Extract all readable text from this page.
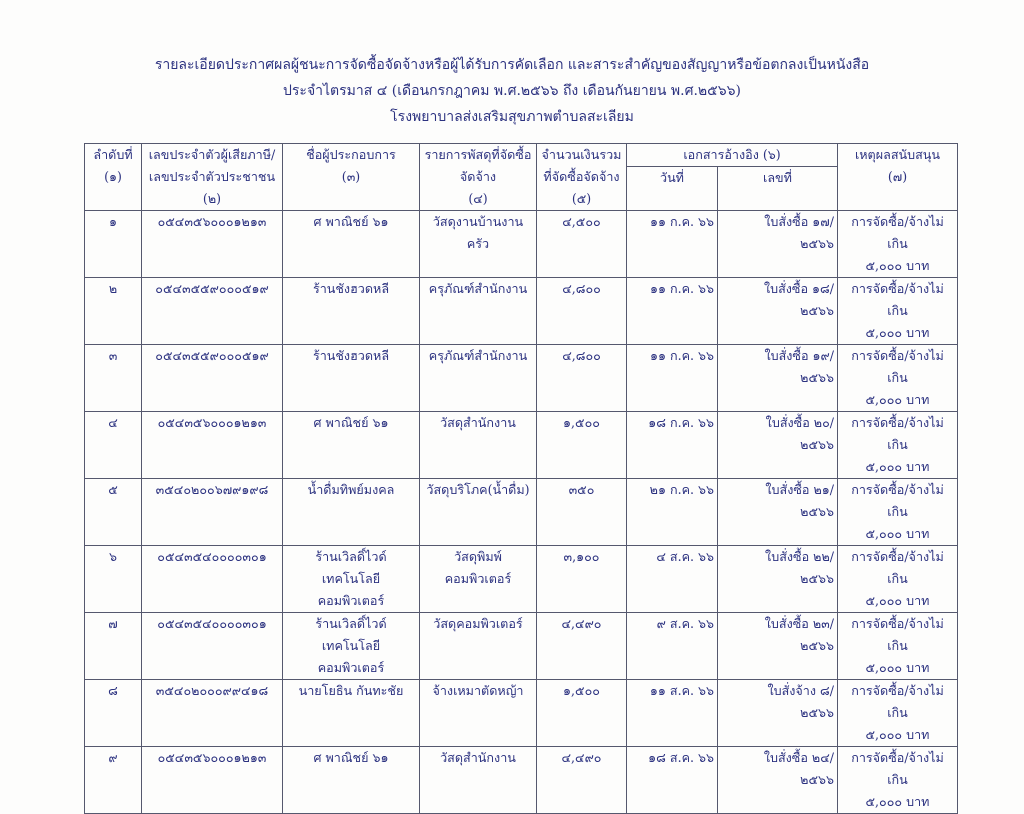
รายละเอียดประกาศผลผู้ชนะการจัดซื้อจัดจ้างหรือผู้ได้รับการคัดเลือก และสาระสำคัญของสัญญาหรือข้อตกลงเป็นหนังสือ
ประจำไตรมาส ๔ (เดือนกรกฎาคม พ.ศ.๒๕๖๖ ถึง เดือนกันยายน พ.ศ.๒๕๖๖)
โรงพยาบาลส่งเสริมสุขภาพตำบลสะเลียม
ลำดับที่
(๑)	เลขประจำตัวผู้เสียภาษี/
เลขประจำตัวประชาชน
(๒)	ชื่อผู้ประกอบการ
(๓)	รายการพัสดุที่จัดซื้อ
จัดจ้าง
(๔)	จำนวนเงินรวม
ที่จัดซื้อจัดจ้าง
(๕)	เอกสารอ้างอิง (๖)		เหตุผลสนับสนุน
(๗)

					วันที่	เลขที่	

๑	๐๕๔๓๕๖๐๐๐๑๒๑๓	ศ พาณิชย์ ๖๑	วัสดุงานบ้านงาน
ครัว	๔,๕๐๐	๑๑ ก.ค. ๖๖	ใบสั่งซื้อ ๑๗/
๒๕๖๖	การจัดซื้อ/จ้างไม่เกิน
๕,๐๐๐ บาท

๒	๐๕๔๓๕๕๙๐๐๐๕๑๙	ร้านชังฮวดหลี	ครุภัณฑ์สำนักงาน	๔,๘๐๐	๑๑ ก.ค. ๖๖	ใบสั่งซื้อ ๑๘/
๒๕๖๖	การจัดซื้อ/จ้างไม่เกิน
๕,๐๐๐ บาท

๓	๐๕๔๓๕๕๙๐๐๐๕๑๙	ร้านชังฮวดหลี	ครุภัณฑ์สำนักงาน	๔,๘๐๐	๑๑ ก.ค. ๖๖	ใบสั่งซื้อ ๑๙/
๒๕๖๖	การจัดซื้อ/จ้างไม่เกิน
๕,๐๐๐ บาท

๔	๐๕๔๓๕๖๐๐๐๑๒๑๓	ศ พาณิชย์ ๖๑	วัสดุสำนักงาน	๑,๕๐๐	๑๘ ก.ค. ๖๖	ใบสั่งซื้อ ๒๐/
๒๕๖๖	การจัดซื้อ/จ้างไม่เกิน
๕,๐๐๐ บาท

๕	๓๕๔๐๒๐๐๖๗๙๑๙๘	น้ำดื่มทิพย์มงคล	วัสดุบริโภค(น้ำดื่ม)	๓๕๐	๒๑ ก.ค. ๖๖	ใบสั่งซื้อ ๒๑/
๒๕๖๖	การจัดซื้อ/จ้างไม่เกิน
๕,๐๐๐ บาท

๖	๐๕๔๓๕๔๐๐๐๐๓๐๑	ร้านเวิลดิ์ไวด์ เทคโนโลยี
คอมพิวเตอร์	วัสดุพิมพ์
คอมพิวเตอร์	๓,๑๐๐	๔ ส.ค. ๖๖	ใบสั่งซื้อ ๒๒/
๒๕๖๖	การจัดซื้อ/จ้างไม่เกิน
๕,๐๐๐ บาท

๗	๐๕๔๓๕๔๐๐๐๐๓๐๑	ร้านเวิลดิ์ไวด์ เทคโนโลยี
คอมพิวเตอร์	วัสดุคอมพิวเตอร์	๔,๔๙๐	๙ ส.ค. ๖๖	ใบสั่งซื้อ ๒๓/
๒๕๖๖	การจัดซื้อ/จ้างไม่เกิน
๕,๐๐๐ บาท

๘	๓๕๔๐๒๐๐๐๙๙๔๑๘	นายโยธิน กันทะชัย	จ้างเหมาตัดหญ้า	๑,๕๐๐	๑๑ ส.ค. ๖๖	ใบสั่งจ้าง ๘/
๒๕๖๖	การจัดซื้อ/จ้างไม่เกิน
๕,๐๐๐ บาท

๙	๐๕๔๓๕๖๐๐๐๑๒๑๓	ศ พาณิชย์ ๖๑	วัสดุสำนักงาน	๔,๔๙๐	๑๘ ส.ค. ๖๖	ใบสั่งซื้อ ๒๔/
๒๕๖๖	การจัดซื้อ/จ้างไม่เกิน
๕,๐๐๐ บาท
